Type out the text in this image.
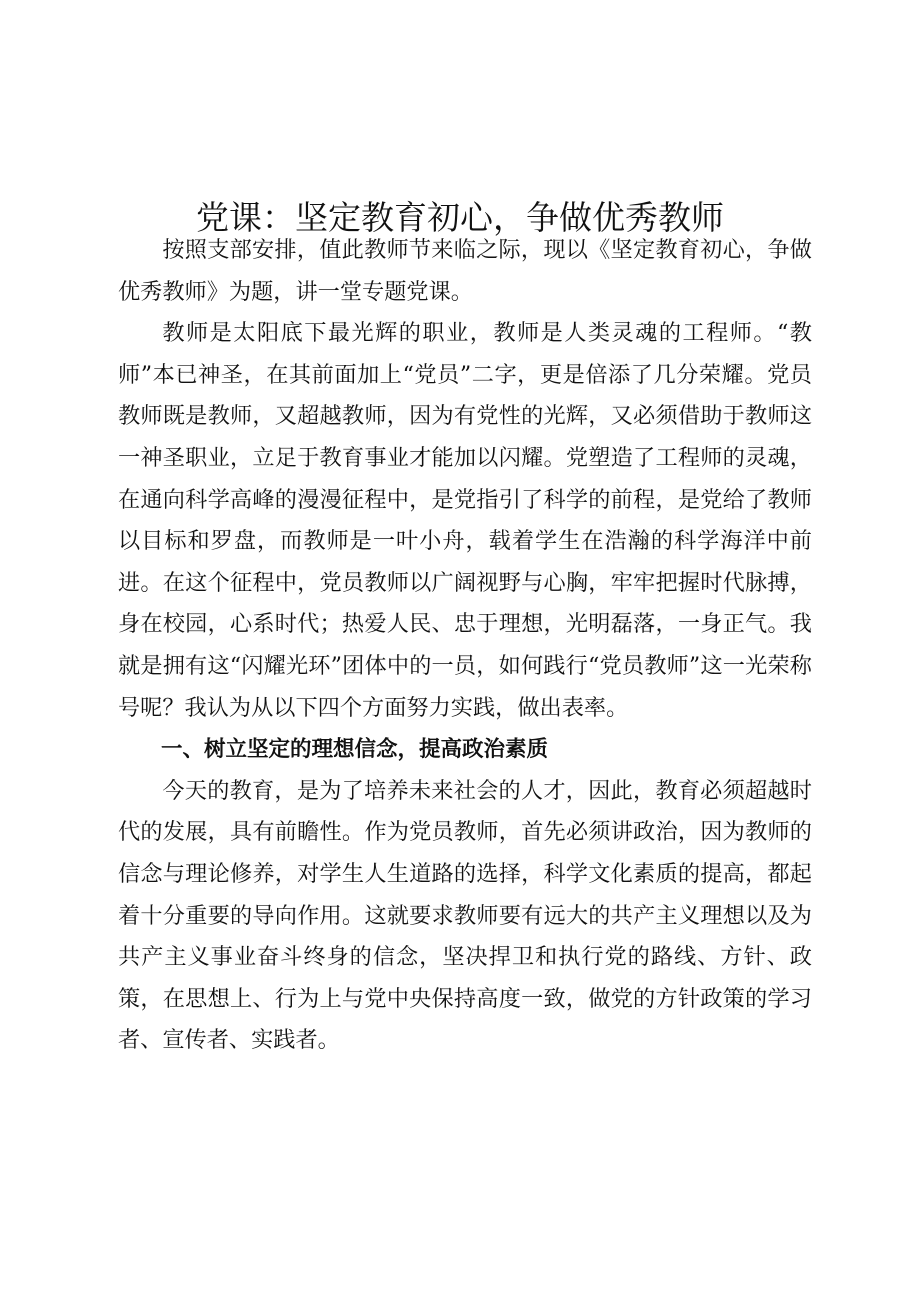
党课：坚定教育初心，争做优秀教师

按照支部安排，值此教师节来临之际，现以《坚定教育初心，争做优秀教师》为题，讲一堂专题党课。

教师是太阳底下最光辉的职业，教师是人类灵魂的工程师。“教师”本已神圣，在其前面加上“党员”二字，更是倍添了几分荣耀。党员教师既是教师，又超越教师，因为有党性的光辉，又必须借助于教师这一神圣职业，立足于教育事业才能加以闪耀。党塑造了工程师的灵魂，在通向科学高峰的漫漫征程中，是党指引了科学的前程，是党给了教师以目标和罗盘，而教师是一叶小舟，载着学生在浩瀚的科学海洋中前进。在这个征程中，党员教师以广阔视野与心胸，牢牢把握时代脉搏，身在校园，心系时代；热爱人民、忠于理想，光明磊落，一身正气。我就是拥有这“闪耀光环”团体中的一员，如何践行“党员教师”这一光荣称号呢？我认为从以下四个方面努力实践，做出表率。

一、树立坚定的理想信念，提高政治素质

今天的教育，是为了培养未来社会的人才，因此，教育必须超越时代的发展，具有前瞻性。作为党员教师，首先必须讲政治，因为教师的信念与理论修养，对学生人生道路的选择，科学文化素质的提高，都起着十分重要的导向作用。这就要求教师要有远大的共产主义理想以及为共产主义事业奋斗终身的信念，坚决捍卫和执行党的路线、方针、政策，在思想上、行为上与党中央保持高度一致，做党的方针政策的学习者、宣传者、实践者。
